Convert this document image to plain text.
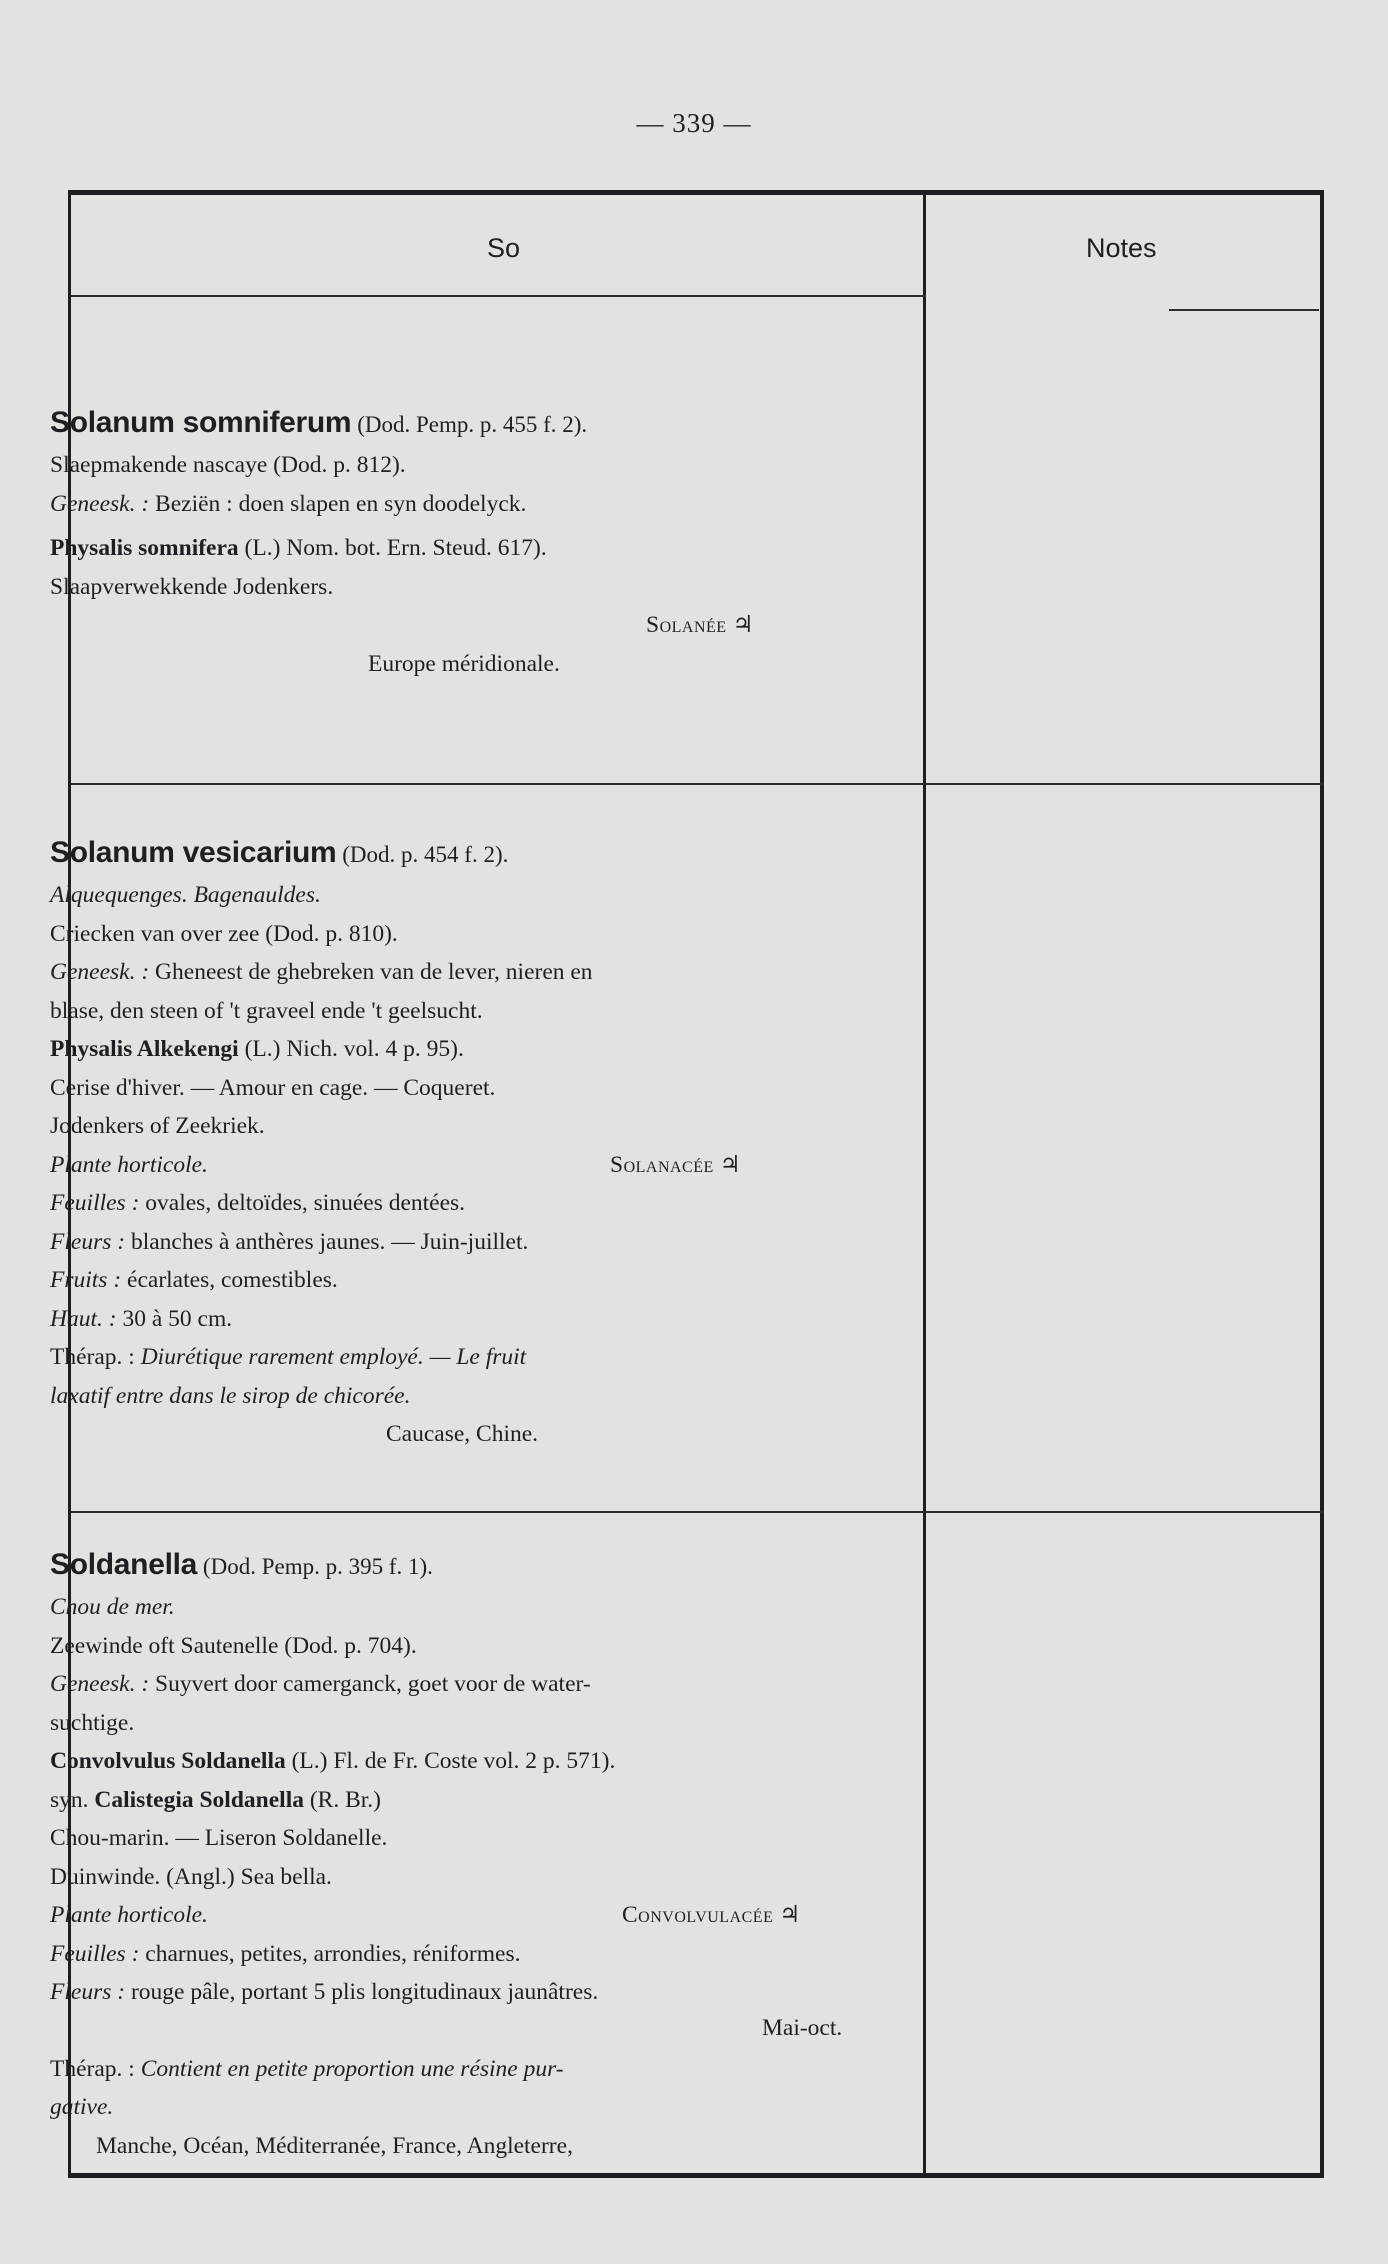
— 339 —
So	Notes
Solanum somniferum (Dod. Pemp. p. 455 f. 2).
Slaepmakende nascaye (Dod. p. 812).
Geneesk. : Beziën : doen slapen en syn doodelyck.
Physalis somnifera (L.) Nom. bot. Ern. Steud. 617).
Slaapverwekkende Jodenkers.
Solanée ♃
Europe méridionale.
Solanum vesicarium (Dod. p. 454 f. 2).
Alquequenges. Bagenauldes.
Criecken van over zee (Dod. p. 810).
Geneesk. : Gheneest de ghebreken van de lever, nieren en
blase, den steen of 't graveel ende 't geelsucht.
Physalis Alkekengi (L.) Nich. vol. 4 p. 95).
Cerise d'hiver. — Amour en cage. — Coqueret.
Jodenkers of Zeekriek.
Plante horticole.	Solanacée ♃
Feuilles : ovales, deltoïdes, sinuées dentées.
Fleurs : blanches à anthères jaunes. — Juin-juillet.
Fruits : écarlates, comestibles.
Haut. : 30 à 50 cm.
Thérap. : Diurétique rarement employé. — Le fruit
laxatif entre dans le sirop de chicorée.
Caucase, Chine.
Soldanella (Dod. Pemp. p. 395 f. 1).
Chou de mer.
Zeewinde oft Sautenelle (Dod. p. 704).
Geneesk. : Suyvert door camerganck, goet voor de water-
suchtige.
Convolvulus Soldanella (L.) Fl. de Fr. Coste vol. 2 p. 571).
syn. Calistegia Soldanella (R. Br.)
Chou-marin. — Liseron Soldanelle.
Duinwinde. (Angl.) Sea bella.
Plante horticole.	Convolvulacée ♃
Feuilles : charnues, petites, arrondies, réniformes.
Fleurs : rouge pâle, portant 5 plis longitudinaux jaunâtres.
Mai-oct.
Thérap. : Contient en petite proportion une résine pur-
gative.
Manche, Océan, Méditerranée, France, Angleterre,
